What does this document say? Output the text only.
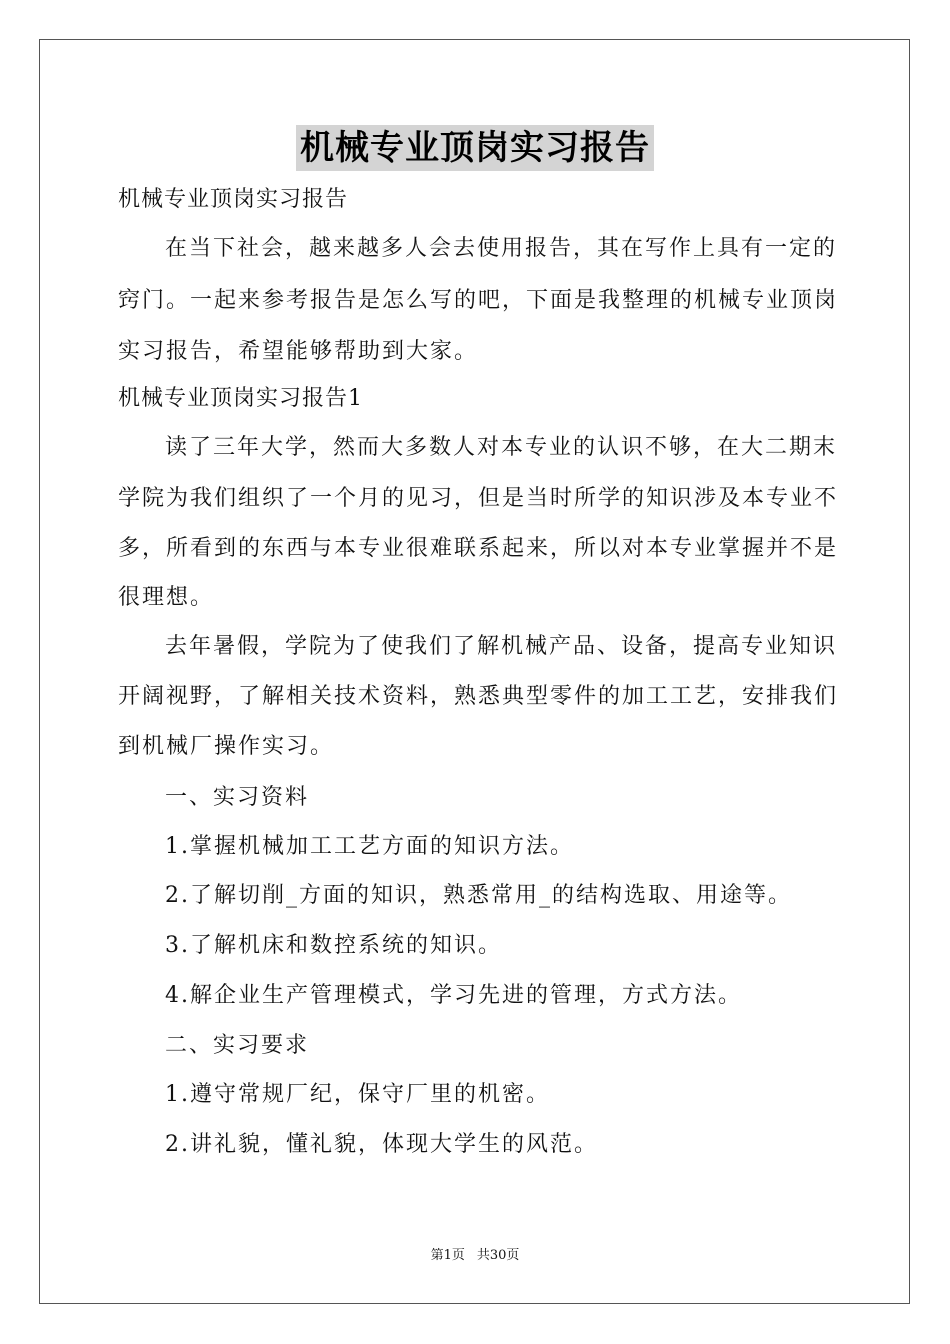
机械专业顶岗实习报告
机械专业顶岗实习报告
在当下社会，越来越多人会去使用报告，其在写作上具有一定的
窍门。一起来参考报告是怎么写的吧，下面是我整理的机械专业顶岗
实习报告，希望能够帮助到大家。
机械专业顶岗实习报告1
读了三年大学，然而大多数人对本专业的认识不够，在大二期末
学院为我们组织了一个月的见习，但是当时所学的知识涉及本专业不
多，所看到的东西与本专业很难联系起来，所以对本专业掌握并不是
很理想。
去年暑假，学院为了使我们了解机械产品、设备，提高专业知识
开阔视野，了解相关技术资料，熟悉典型零件的加工工艺，安排我们
到机械厂操作实习。
一、实习资料
1.掌握机械加工工艺方面的知识方法。
2.了解切削_方面的知识，熟悉常用_的结构选取、用途等。
3.了解机床和数控系统的知识。
4.解企业生产管理模式，学习先进的管理，方式方法。
二、实习要求
1.遵守常规厂纪，保守厂里的机密。
2.讲礼貌，懂礼貌，体现大学生的风范。
第1页 共30页
